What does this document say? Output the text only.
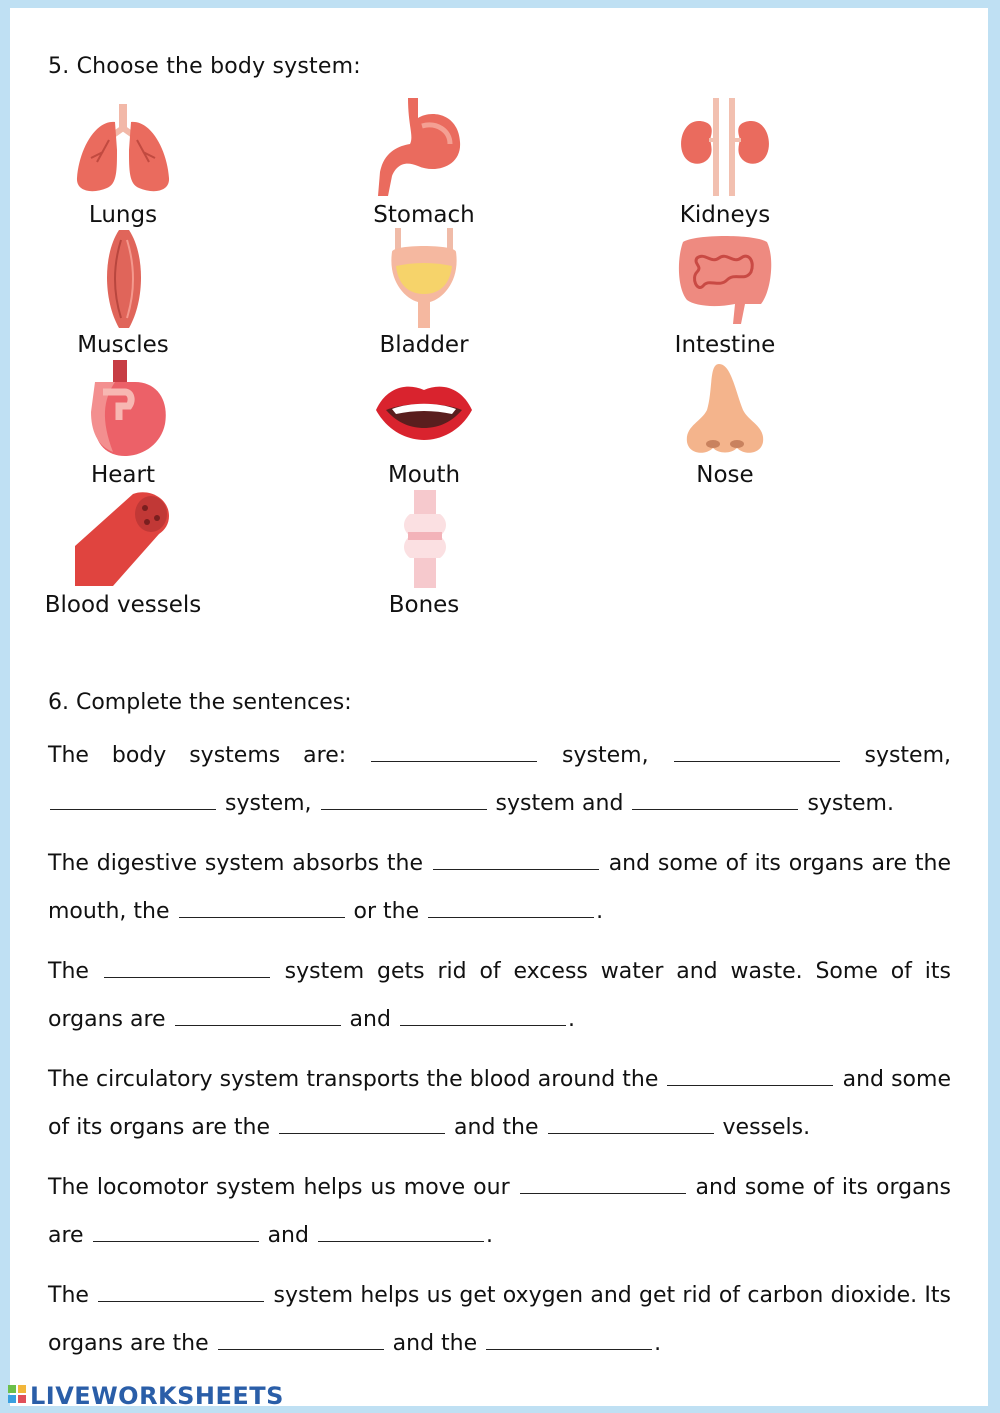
5. Choose the body system:
Lungs	Stomach	Kidneys
Muscles	Bladder	Intestine
Heart	Mouth	Nose
Blood vessels	Bones
6. Complete the sentences:
The body systems are:	system,	system,  system,	system and	system.
The digestive system absorbs the	and some of its organs are the mouth, the	or the	.
The	system gets rid of excess water and waste. Some of its organs are	and	.
The circulatory system transports the blood around the	and some of its organs are the	and the	vessels.
The locomotor system helps us move our	and some of its organs are	and	.
The	system helps us get oxygen and get rid of carbon dioxide. Its organs are the	and the	.
LIVEWORKSHEETS
